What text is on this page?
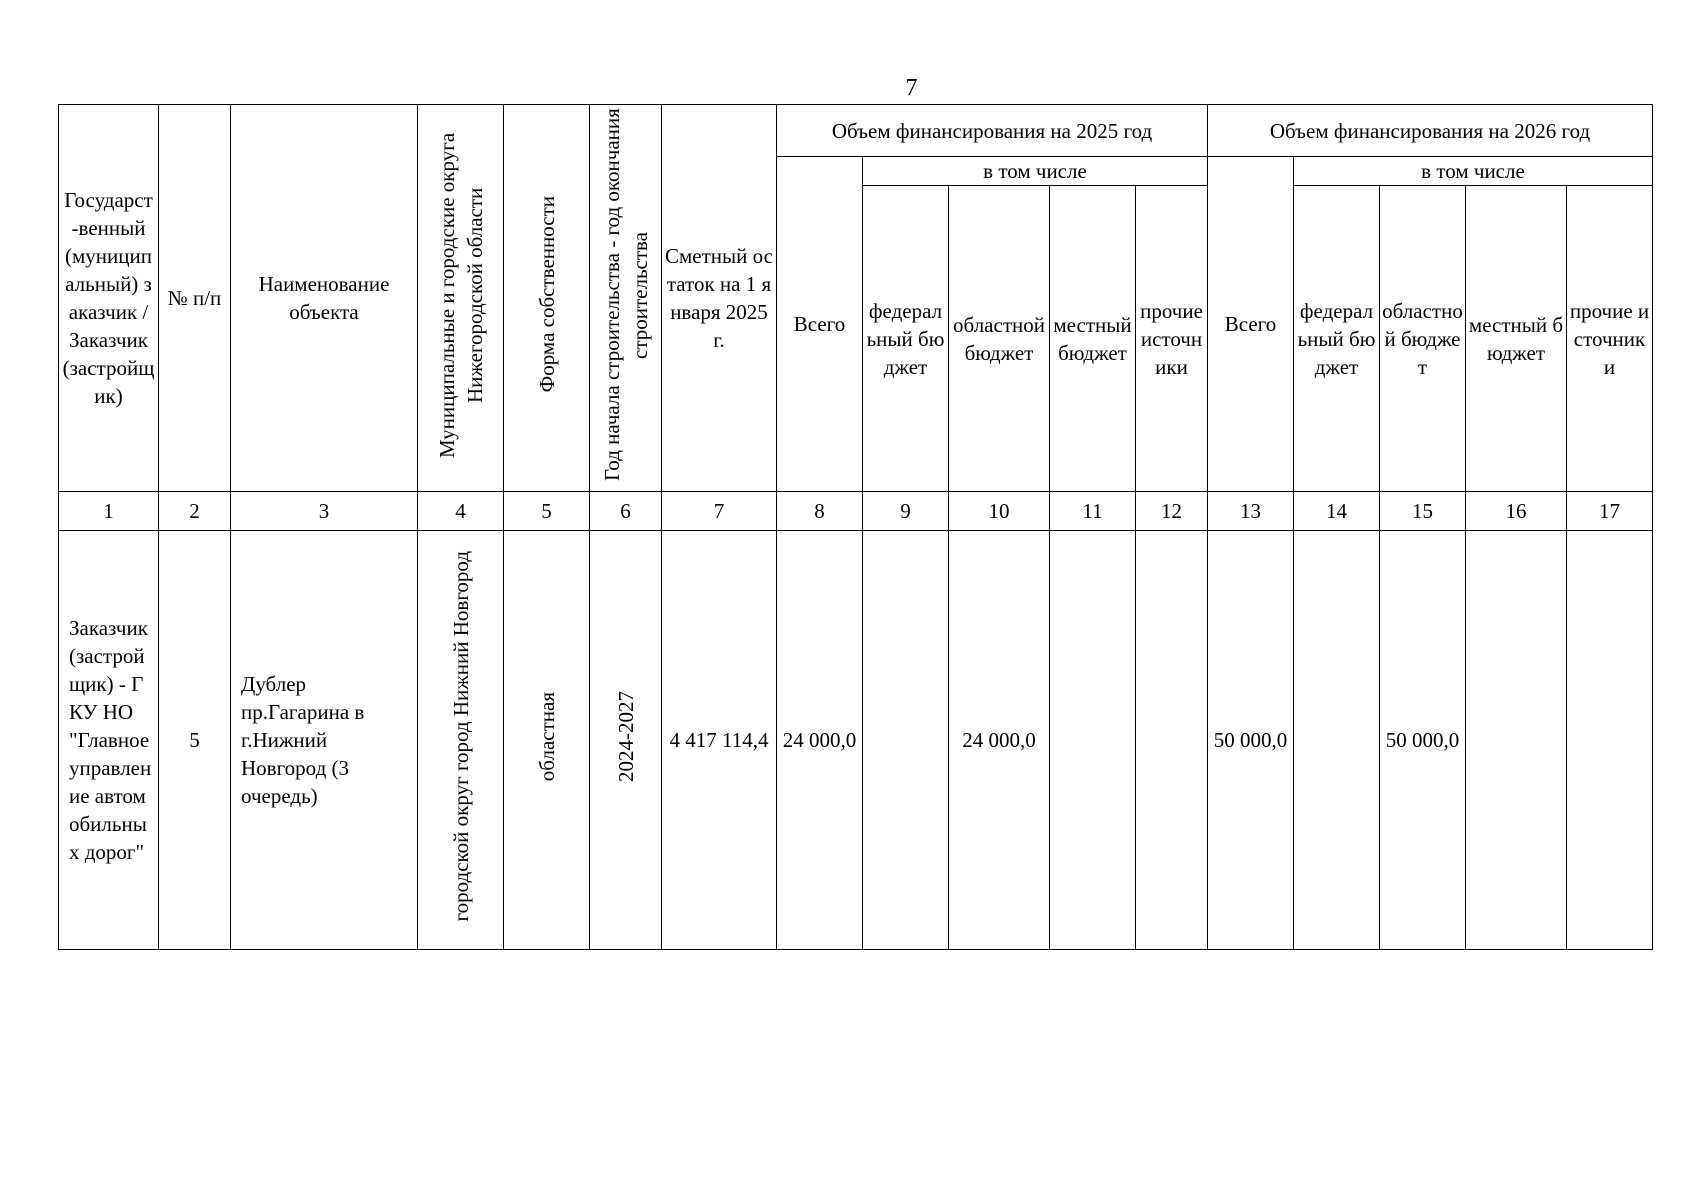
7
Государст-венный (муниципальный) заказчик / Заказчик (застройщик)	№ п/п	Наименование объекта	Муниципальные и городские округа Нижегородской области	Форма собственности	Год начала строительства - год окончания строительства	Сметный остаток на 1 января 2025 г.	Объем финансирования на 2025 год					Объем финансирования на 2026 год				
							Всего	в том числе				Всего	в том числе			
								федеральный бюджет	областной бюджет	местный бюджет	прочие источники		федеральный бюджет	областной бюджет	местный бюджет	прочие источники
1	2	3	4	5	6	7	8	9	10	11	12	13	14	15	16	17
Заказчик (застройщик) - ГКУ НО "Главное управление автомобильных дорог"	5	Дублер пр.Гагарина в г.Нижний Новгород (3 очередь)	городской округ город Нижний Новгород	областная	2024-2027	4 417 114,4	24 000,0		24 000,0			50 000,0		50 000,0		
